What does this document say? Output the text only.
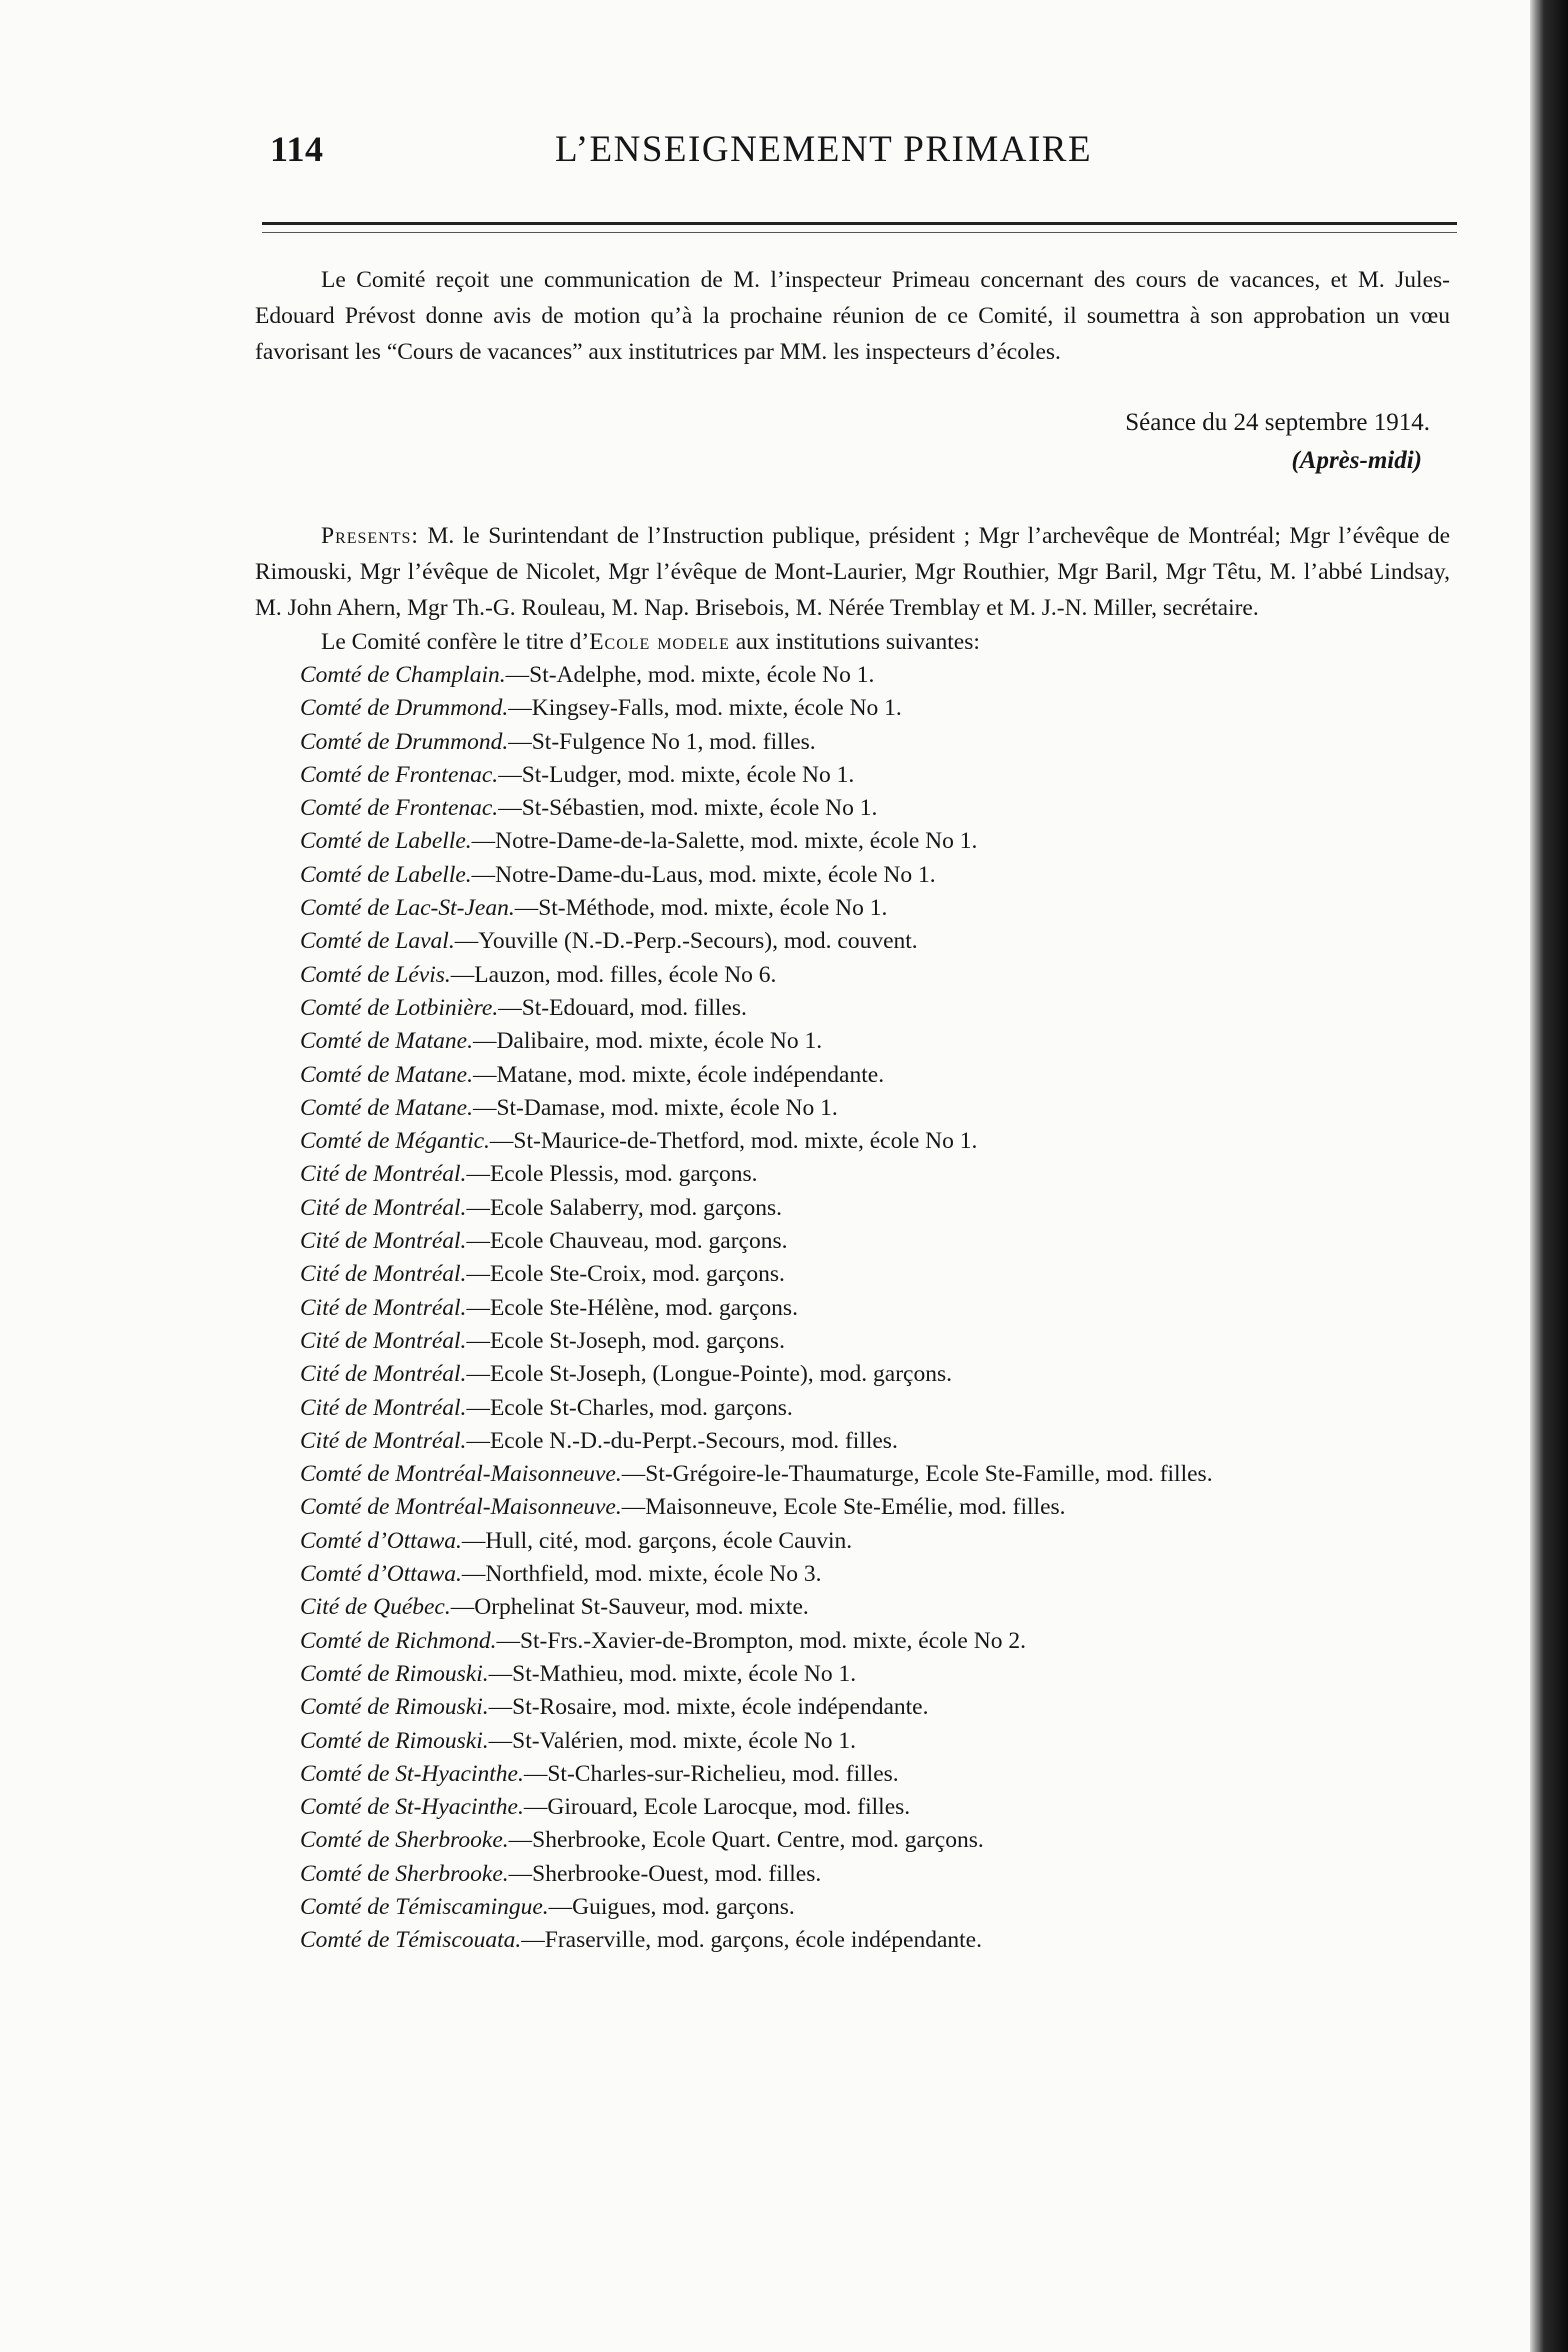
114	L’ENSEIGNEMENT PRIMAIRE

Le Comité reçoit une communication de M. l’inspecteur Primeau concernant des cours de vacances, et M. Jules-Edouard Prévost donne avis de motion qu’à la prochaine réunion de ce Comité, il soumettra à son approbation un vœu favorisant les “Cours de vacances” aux institutrices par MM. les inspecteurs d’écoles.

Séance du 24 septembre 1914.
(Après-midi)

Presents: M. le Surintendant de l’Instruction publique, président ; Mgr l’archevêque de Montréal; Mgr l’évêque de Rimouski, Mgr l’évêque de Nicolet, Mgr l’évêque de Mont-Laurier, Mgr Routhier, Mgr Baril, Mgr Têtu, M. l’abbé Lindsay, M. John Ahern, Mgr Th.-G. Rouleau, M. Nap. Brisebois, M. Nérée Tremblay et M. J.-N. Miller, secrétaire.

Le Comité confère le titre d’Ecole modele aux institutions suivantes:

Comté de Champlain. — St-Adelphe, mod. mixte, école No 1.
Comté de Drummond. — Kingsey-Falls, mod. mixte, école No 1.
Comté de Drummond. — St-Fulgence No 1, mod. filles.
Comté de Frontenac. — St-Ludger, mod. mixte, école No 1.
Comté de Frontenac. — St-Sébastien, mod. mixte, école No 1.
Comté de Labelle. — Notre-Dame-de-la-Salette, mod. mixte, école No 1.
Comté de Labelle. — Notre-Dame-du-Laus, mod. mixte, école No 1.
Comté de Lac-St-Jean. — St-Méthode, mod. mixte, école No 1.
Comté de Laval. — Youville (N.-D.-Perp.-Secours), mod. couvent.
Comté de Lévis. — Lauzon, mod. filles, école No 6.
Comté de Lotbinière. — St-Edouard, mod. filles.
Comté de Matane. — Dalibaire, mod. mixte, école No 1.
Comté de Matane. — Matane, mod. mixte, école indépendante.
Comté de Matane. — St-Damase, mod. mixte, école No 1.
Comté de Mégantic. — St-Maurice-de-Thetford, mod. mixte, école No 1.
Cité de Montréal. — Ecole Plessis, mod. garçons.
Cité de Montréal. — Ecole Salaberry, mod. garçons.
Cité de Montréal. — Ecole Chauveau, mod. garçons.
Cité de Montréal. — Ecole Ste-Croix, mod. garçons.
Cité de Montréal. — Ecole Ste-Hélène, mod. garçons.
Cité de Montréal. — Ecole St-Joseph, mod. garçons.
Cité de Montréal. — Ecole St-Joseph, (Longue-Pointe), mod. garçons.
Cité de Montréal. — Ecole St-Charles, mod. garçons.
Cité de Montréal. — Ecole N.-D.-du-Perpt.-Secours, mod. filles.
Comté de Montréal-Maisonneuve. — St-Grégoire-le-Thaumaturge, Ecole Ste-Famille, mod. filles.
Comté de Montréal-Maisonneuve. — Maisonneuve, Ecole Ste-Emélie, mod. filles.
Comté d’Ottawa. — Hull, cité, mod. garçons, école Cauvin.
Comté d’Ottawa. — Northfield, mod. mixte, école No 3.
Cité de Québec. — Orphelinat St-Sauveur, mod. mixte.
Comté de Richmond. — St-Frs.-Xavier-de-Brompton, mod. mixte, école No 2.
Comté de Rimouski. — St-Mathieu, mod. mixte, école No 1.
Comté de Rimouski. — St-Rosaire, mod. mixte, école indépendante.
Comté de Rimouski. — St-Valérien, mod. mixte, école No 1.
Comté de St-Hyacinthe. — St-Charles-sur-Richelieu, mod. filles.
Comté de St-Hyacinthe. — Girouard, Ecole Larocque, mod. filles.
Comté de Sherbrooke. — Sherbrooke, Ecole Quart. Centre, mod. garçons.
Comté de Sherbrooke. — Sherbrooke-Ouest, mod. filles.
Comté de Témiscamingue. — Guigues, mod. garçons.
Comté de Témiscouata. — Fraserville, mod. garçons, école indépendante.
